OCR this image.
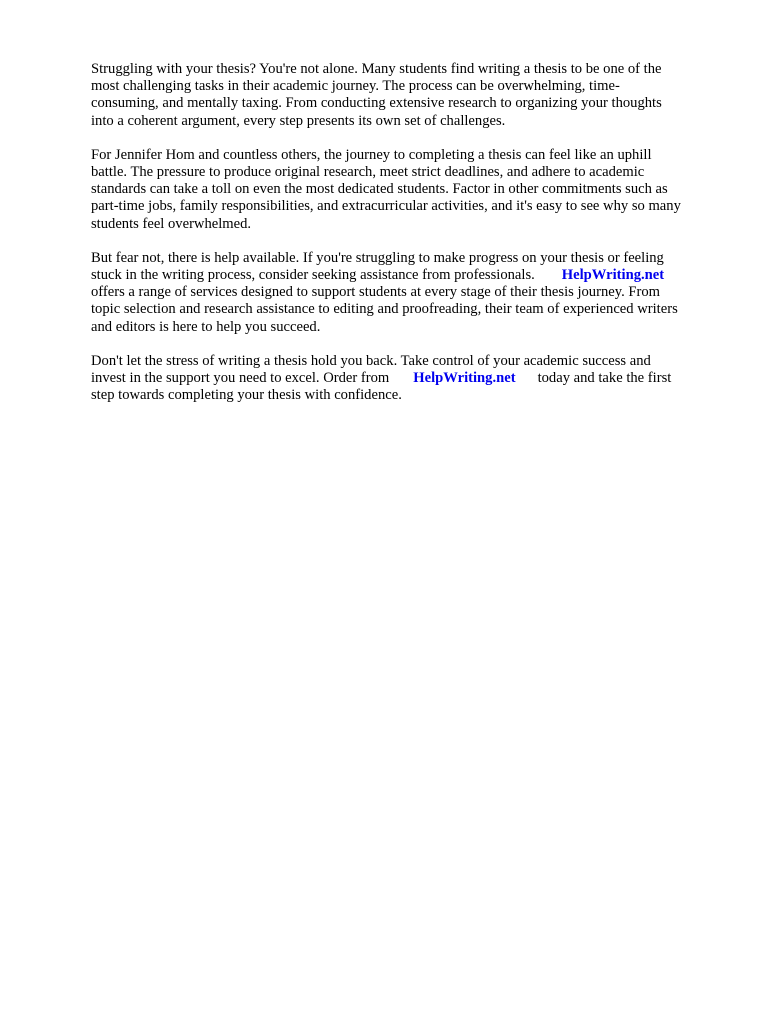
Struggling with your thesis? You're not alone. Many students find writing a thesis to be one of the
most challenging tasks in their academic journey. The process can be overwhelming, time-
consuming, and mentally taxing. From conducting extensive research to organizing your thoughts
into a coherent argument, every step presents its own set of challenges.

For Jennifer Hom and countless others, the journey to completing a thesis can feel like an uphill
battle. The pressure to produce original research, meet strict deadlines, and adhere to academic
standards can take a toll on even the most dedicated students. Factor in other commitments such as
part-time jobs, family responsibilities, and extracurricular activities, and it's easy to see why so many
students feel overwhelmed.

But fear not, there is help available. If you're struggling to make progress on your thesis or feeling
stuck in the writing process, consider seeking assistance from professionals. HelpWriting.net
offers a range of services designed to support students at every stage of their thesis journey. From
topic selection and research assistance to editing and proofreading, their team of experienced writers
and editors is here to help you succeed.

Don't let the stress of writing a thesis hold you back. Take control of your academic success and
invest in the support you need to excel. Order from HelpWriting.net today and take the first
step towards completing your thesis with confidence.
